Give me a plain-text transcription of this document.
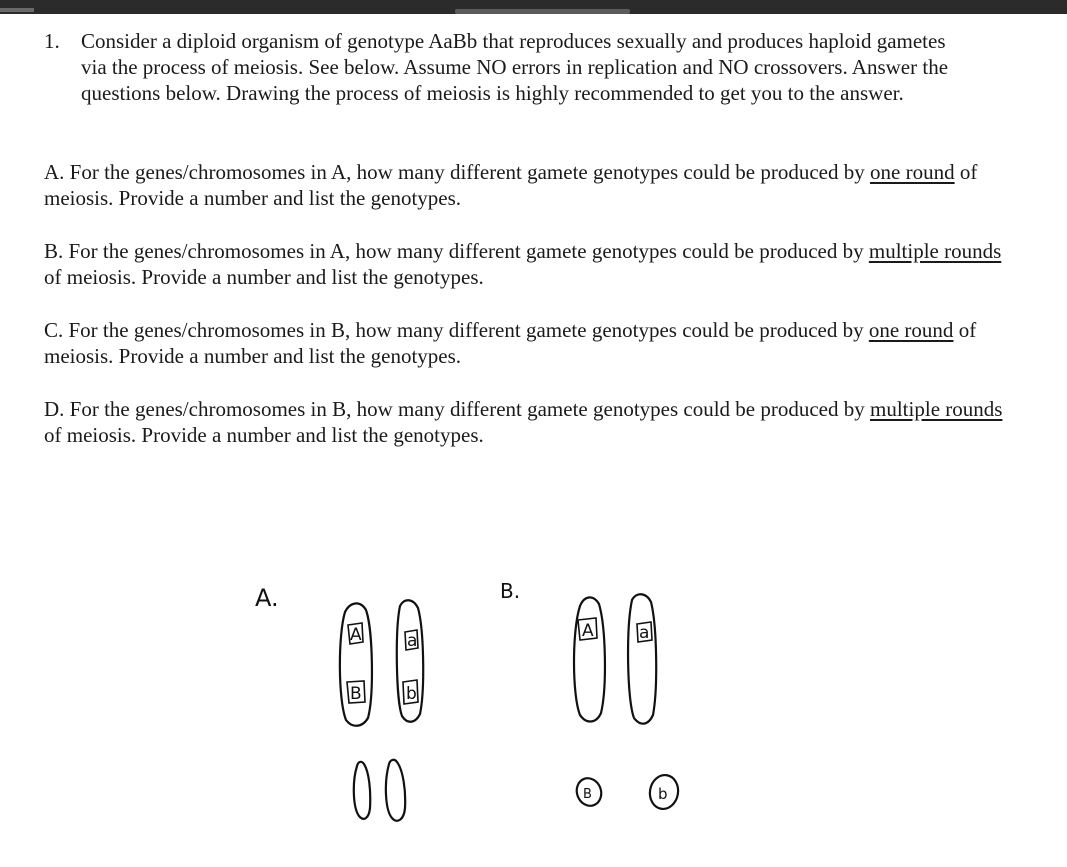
1. Consider a diploid organism of genotype AaBb that reproduces sexually and produces haploid gametes via the process of meiosis. See below. Assume NO errors in replication and NO crossovers. Answer the questions below. Drawing the process of meiosis is highly recommended to get you to the answer.
A. For the genes/chromosomes in A, how many different gamete genotypes could be produced by one round of meiosis. Provide a number and list the genotypes.
B. For the genes/chromosomes in A, how many different gamete genotypes could be produced by multiple rounds of meiosis. Provide a number and list the genotypes.
C. For the genes/chromosomes in B, how many different gamete genotypes could be produced by one round of meiosis. Provide a number and list the genotypes.
D. For the genes/chromosomes in B, how many different gamete genotypes could be produced by multiple rounds of meiosis. Provide a number and list the genotypes.
A.
A
B
a
b
B.
A	a
B	b
